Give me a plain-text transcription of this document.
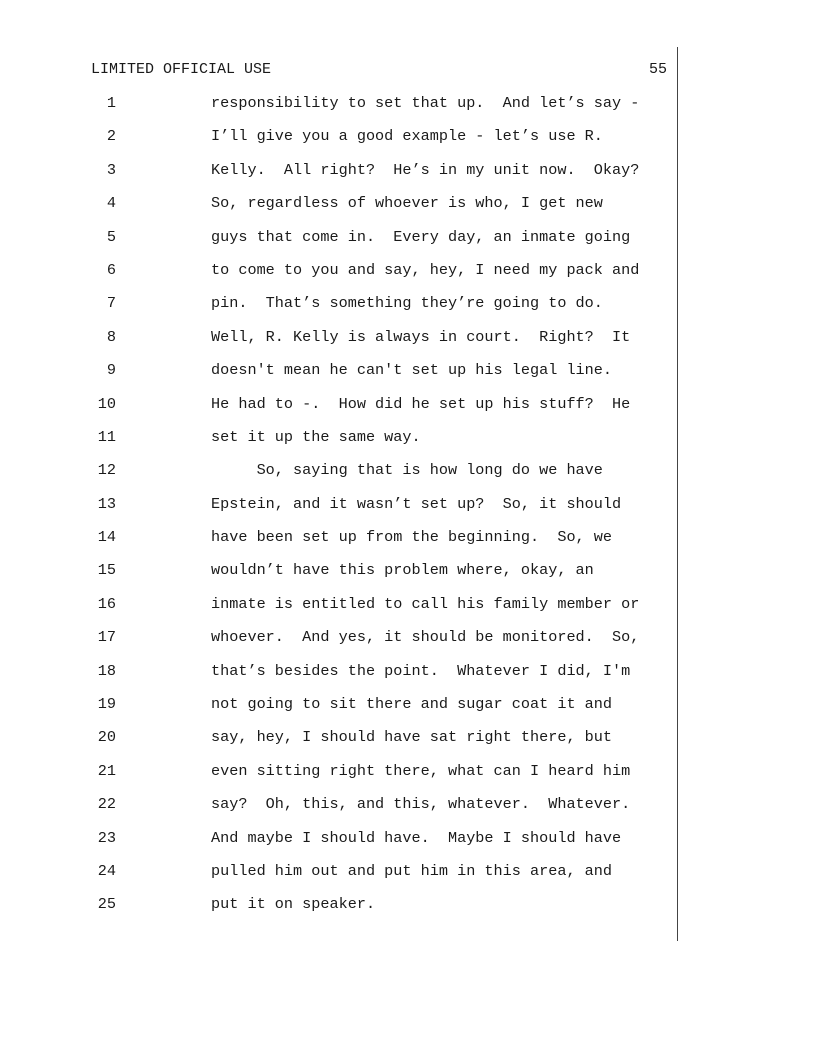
LIMITED OFFICIAL USE	55
1	responsibility to set that up.  And let’s say -
2	I’ll give you a good example - let’s use R.
3	Kelly.  All right?  He’s in my unit now.  Okay?
4	So, regardless of whoever is who, I get new
5	guys that come in.  Every day, an inmate going
6	to come to you and say, hey, I need my pack and
7	pin.  That’s something they’re going to do.
8	Well, R. Kelly is always in court.  Right?  It
9	doesn't mean he can't set up his legal line.
10	He had to -.  How did he set up his stuff?  He
11	set it up the same way.
12	So, saying that is how long do we have
13	Epstein, and it wasn’t set up?  So, it should
14	have been set up from the beginning.  So, we
15	wouldn’t have this problem where, okay, an
16	inmate is entitled to call his family member or
17	whoever.  And yes, it should be monitored.  So,
18	that’s besides the point.  Whatever I did, I'm
19	not going to sit there and sugar coat it and
20	say, hey, I should have sat right there, but
21	even sitting right there, what can I heard him
22	say?  Oh, this, and this, whatever.  Whatever.
23	And maybe I should have.  Maybe I should have
24	pulled him out and put him in this area, and
25	put it on speaker.
